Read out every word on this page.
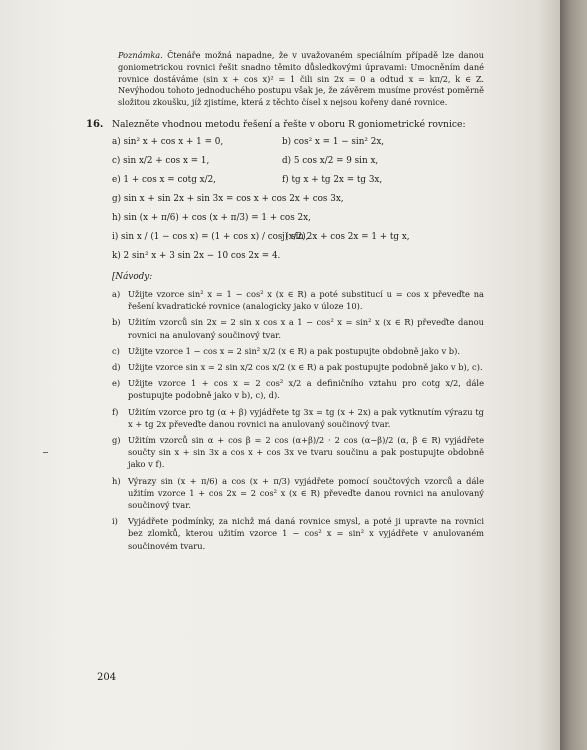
Poznámka. Čtenáře možná napadne, že v uvažovaném speciálním případě lze danou goniometrickou rovnici řešit snadno těmito důsledkovými úpravami: Umocněním dané rovnice dostáváme (sin x + cos x)² = 1 čili sin 2x = 0 a odtud x = kπ/2, k ∈ Z. Nevýhodou tohoto jednoduchého postupu však je, že závěrem musíme provést poměrně složitou zkoušku, jíž zjistíme, která z těchto čísel x nejsou kořeny dané rovnice.
16. Nalezněte vhodnou metodu řešení a řešte v oboru R goniometrické rovnice:
a) sin² x + cos x + 1 = 0,	b) cos² x = 1 − sin² 2x,
c) sin x/2 + cos x = 1,	d) 5 cos x/2 = 9 sin x,
e) 1 + cos x = cotg x/2,	f) tg x + tg 2x = tg 3x,
g) sin x + sin 2x + sin 3x = cos x + cos 2x + cos 3x,
h) sin (x + π/6) + cos (x + π/3) = 1 + cos 2x,
i) sin x / (1 − cos x) = (1 + cos x) / cos (x/2),
j) sin 2x + cos 2x = 1 + tg x,
k) 2 sin² x + 3 sin 2x − 10 cos 2x = 4.
[Návody:
a) Užijte vzorce sin² x = 1 − cos² x (x ∈ R) a poté substitucí u = cos x převeďte na řešení kvadratické rovnice (analogicky jako v úloze 10).
b) Užitím vzorců sin 2x = 2 sin x cos x a 1 − cos² x = sin² x (x ∈ R) převeďte danou rovnici na anulovaný součinový tvar.
c) Užijte vzorce 1 − cos x = 2 sin² x/2 (x ∈ R) a pak postupujte obdobně jako v b).
d) Užijte vzorce sin x = 2 sin x/2 cos x/2 (x ∈ R) a pak postupujte podobně jako v b), c).
e) Užijte vzorce 1 + cos x = 2 cos² x/2 a definičního vztahu pro cotg x/2, dále postupujte podobně jako v b), c), d).
f) Užitím vzorce pro tg (α + β) vyjádřete tg 3x = tg (x + 2x) a pak vytknutím výrazu tg x + tg 2x převeďte danou rovnici na anulovaný součinový tvar.
g) Užitím vzorců sin α + cos β = 2 cos (α+β)/2 · 2 cos (α−β)/2 (α, β ∈ R) vyjádřete součty sin x + sin 3x a cos x + cos 3x ve tvaru součinu a pak postupujte obdobně jako v f).
h) Výrazy sin (x + π/6) a cos (x + π/3) vyjádřete pomocí součtových vzorců a dále užitím vzorce 1 + cos 2x = 2 cos² x (x ∈ R) převeďte danou rovnici na anulovaný součinový tvar.
i) Vyjádřete podmínky, za nichž má daná rovnice smysl, a poté ji upravte na rovnici bez zlomků, kterou užitím vzorce 1 − cos² x = sin² x vyjádřete v anulovaném součinovém tvaru.
204
